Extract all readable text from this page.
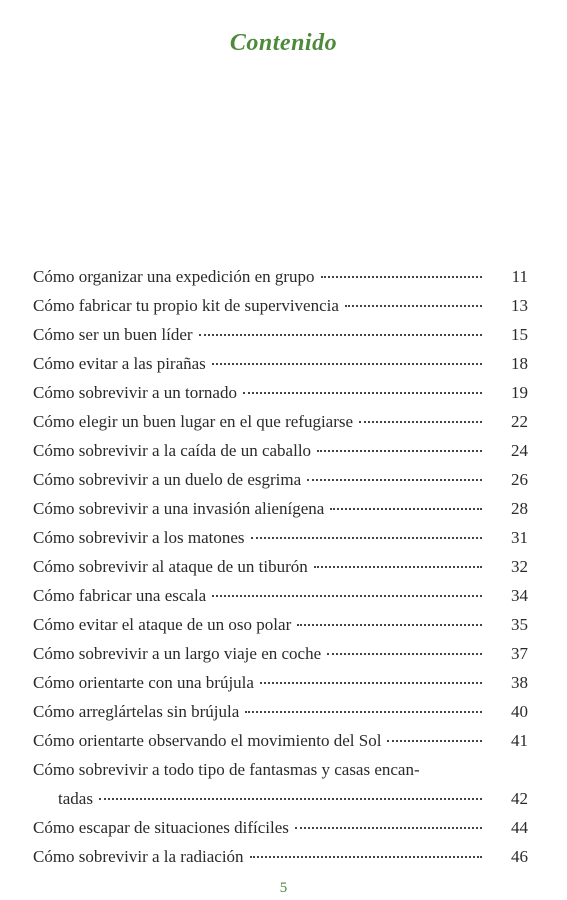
Contenido
Cómo organizar una expedición en grupo	11
Cómo fabricar tu propio kit de supervivencia	13
Cómo ser un buen líder	15
Cómo evitar a las pirañas	18
Cómo sobrevivir a un tornado	19
Cómo elegir un buen lugar en el que refugiarse	22
Cómo sobrevivir a la caída de un caballo	24
Cómo sobrevivir a un duelo de esgrima	26
Cómo sobrevivir a una invasión alienígena	28
Cómo sobrevivir a los matones	31
Cómo sobrevivir al ataque de un tiburón	32
Cómo fabricar una escala	34
Cómo evitar el ataque de un oso polar	35
Cómo sobrevivir a un largo viaje en coche	37
Cómo orientarte con una brújula	38
Cómo arreglártelas sin brújula	40
Cómo orientarte observando el movimiento del Sol	41
Cómo sobrevivir a todo tipo de fantasmas y casas encan-
tadas	42
Cómo escapar de situaciones difíciles	44
Cómo sobrevivir a la radiación	46
5
